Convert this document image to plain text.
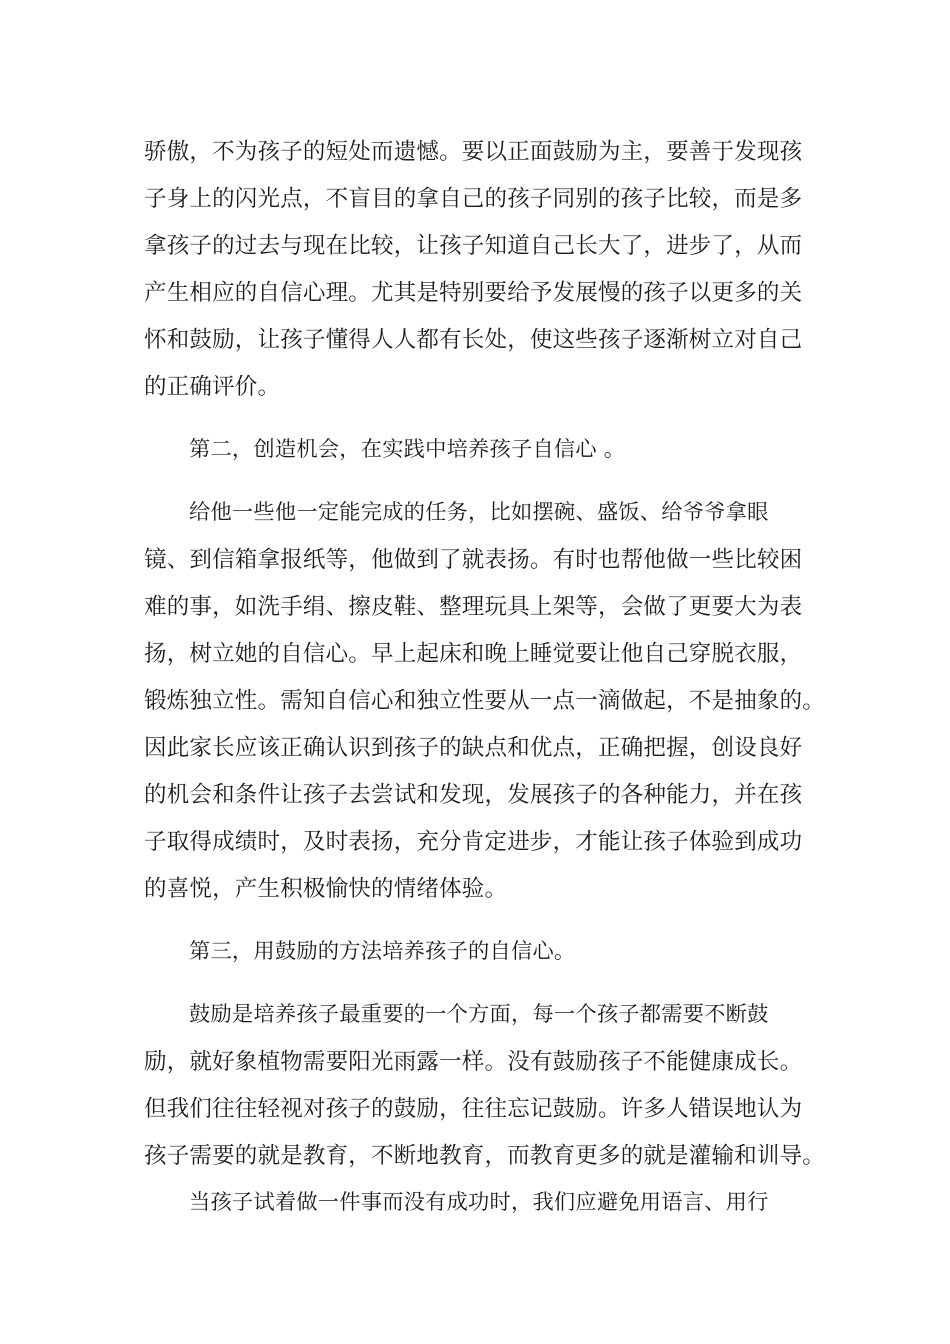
骄傲，不为孩子的短处而遗憾。要以正面鼓励为主，要善于发现孩
子身上的闪光点，不盲目的拿自己的孩子同别的孩子比较，而是多
拿孩子的过去与现在比较，让孩子知道自己长大了，进步了，从而
产生相应的自信心理。尤其是特别要给予发展慢的孩子以更多的关
怀和鼓励，让孩子懂得人人都有长处，使这些孩子逐渐树立对自己
的正确评价。
第二，创造机会，在实践中培养孩子自信心 。
给他一些他一定能完成的任务，比如摆碗、盛饭、给爷爷拿眼
镜、到信箱拿报纸等，他做到了就表扬。有时也帮他做一些比较困
难的事，如洗手绢、擦皮鞋、整理玩具上架等，会做了更要大为表
扬，树立她的自信心。早上起床和晚上睡觉要让他自己穿脱衣服，
锻炼独立性。需知自信心和独立性要从一点一滴做起，不是抽象的。
因此家长应该正确认识到孩子的缺点和优点，正确把握，创设良好
的机会和条件让孩子去尝试和发现，发展孩子的各种能力，并在孩
子取得成绩时，及时表扬，充分肯定进步，才能让孩子体验到成功
的喜悦，产生积极愉快的情绪体验。
第三，用鼓励的方法培养孩子的自信心。
鼓励是培养孩子最重要的一个方面，每一个孩子都需要不断鼓
励，就好象植物需要阳光雨露一样。没有鼓励孩子不能健康成长。
但我们往往轻视对孩子的鼓励，往往忘记鼓励。许多人错误地认为
孩子需要的就是教育，不断地教育，而教育更多的就是灌输和训导。
当孩子试着做一件事而没有成功时，我们应避免用语言、用行
